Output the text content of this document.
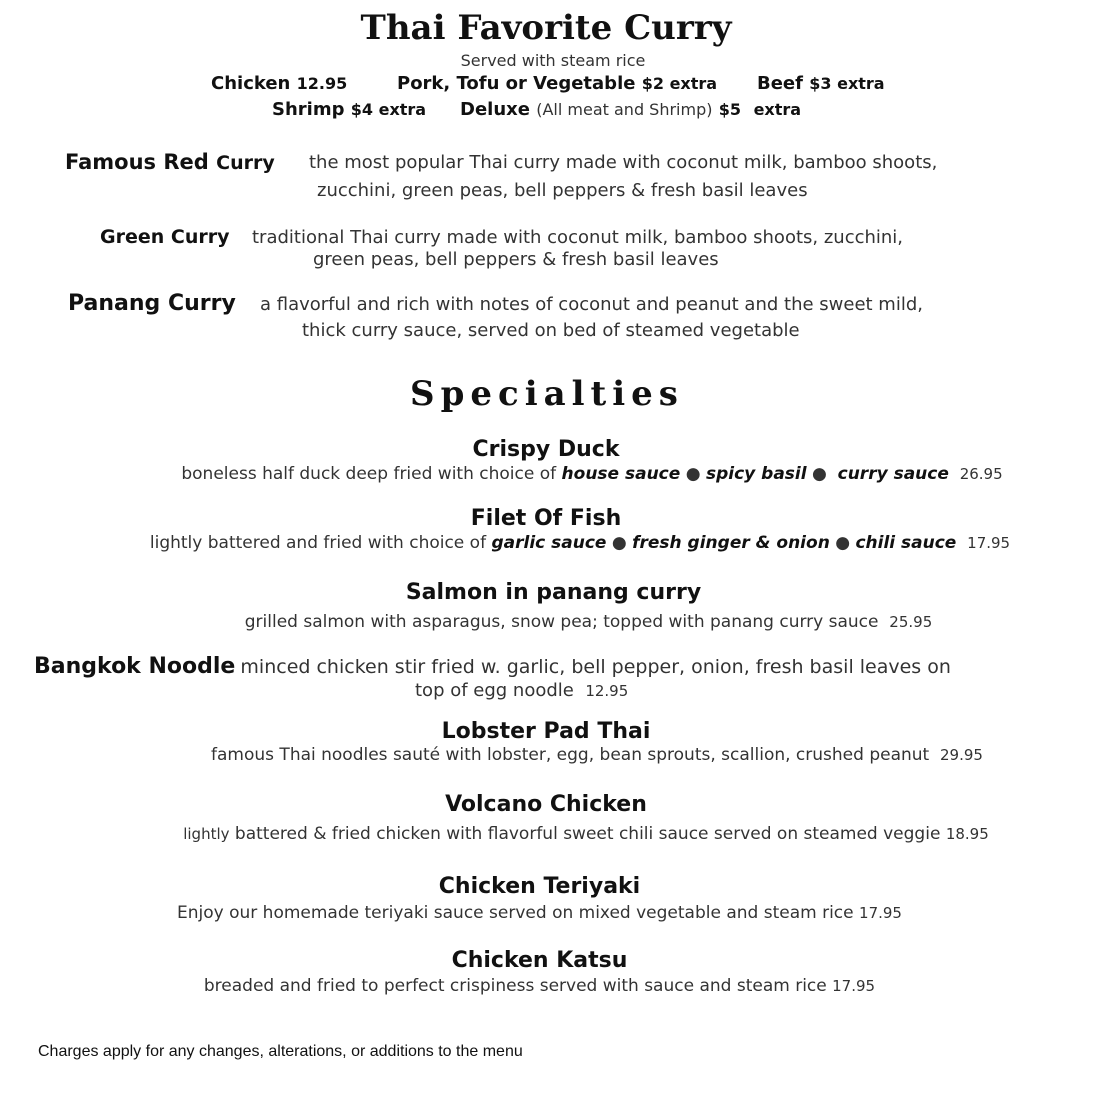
Thai Favorite Curry
Served with steam rice
Chicken 12.95	Pork, Tofu or Vegetable $2 extra Beef $3 extra
Shrimp $4 extra Deluxe (All meat and Shrimp) $5 extra
Famous Red Curry the most popular Thai curry made with coconut milk, bamboo shoots,
zucchini, green peas, bell peppers & fresh basil leaves
Green Curry traditional Thai curry made with coconut milk, bamboo shoots, zucchini,
green peas, bell peppers & fresh basil leaves
Panang Curry a flavorful and rich with notes of coconut and peanut and the sweet mild,
thick curry sauce, served on bed of steamed vegetable
Specialties
Crispy Duck
boneless half duck deep fried with choice of house sauce ● spicy basil ● curry sauce 26.95
Filet Of Fish
lightly battered and fried with choice of garlic sauce ● fresh ginger & onion ● chili sauce 17.95
Salmon in panang curry
grilled salmon with asparagus, snow pea; topped with panang curry sauce 25.95
Bangkok Noodle minced chicken stir fried w. garlic, bell pepper, onion, fresh basil leaves on
top of egg noodle 12.95
Lobster Pad Thai
famous Thai noodles sauté with lobster, egg, bean sprouts, scallion, crushed peanut 29.95
Volcano Chicken
lightly battered & fried chicken with flavorful sweet chili sauce served on steamed veggie 18.95
Chicken Teriyaki
Enjoy our homemade teriyaki sauce served on mixed vegetable and steam rice 17.95
Chicken Katsu
breaded and fried to perfect crispiness served with sauce and steam rice 17.95
Charges apply for any changes, alterations, or additions to the menu
